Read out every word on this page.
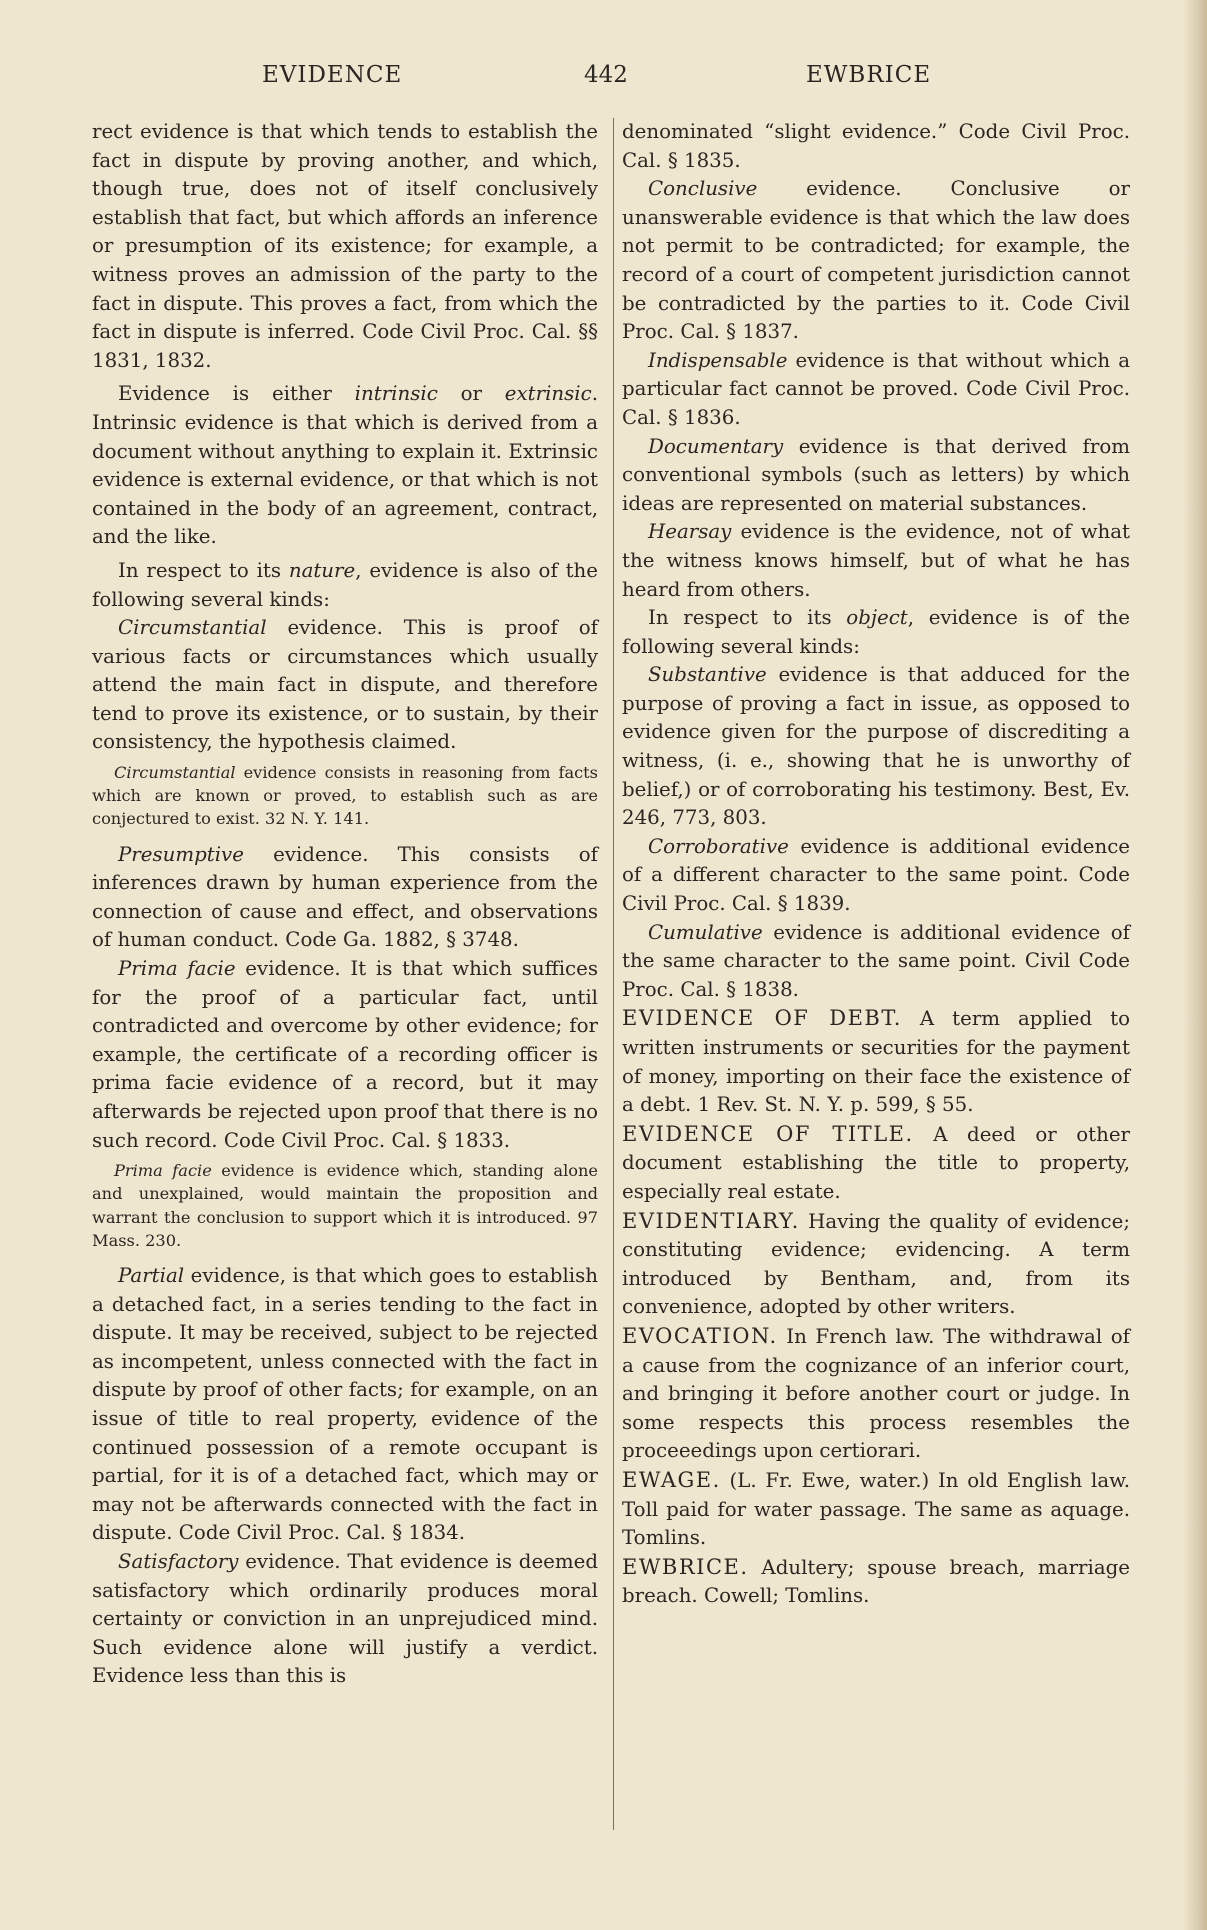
EVIDENCE	442	EWBRICE

rect evidence is that which tends to establish the fact in dispute by proving another, and which, though true, does not of itself conclusively establish that fact, but which affords an inference or presumption of its existence; for example, a witness proves an admission of the party to the fact in dispute. This proves a fact, from which the fact in dispute is inferred. Code Civil Proc. Cal. §§ 1831, 1832.

Evidence is either intrinsic or extrinsic. Intrinsic evidence is that which is derived from a document without anything to explain it. Extrinsic evidence is external evidence, or that which is not contained in the body of an agreement, contract, and the like.

In respect to its nature, evidence is also of the following several kinds:

Circumstantial evidence. This is proof of various facts or circumstances which usually attend the main fact in dispute, and therefore tend to prove its existence, or to sustain, by their consistency, the hypothesis claimed.

Circumstantial evidence consists in reasoning from facts which are known or proved, to establish such as are conjectured to exist. 32 N. Y. 141.

Presumptive evidence. This consists of inferences drawn by human experience from the connection of cause and effect, and observations of human conduct. Code Ga. 1882, § 3748.

Prima facie evidence. It is that which suffices for the proof of a particular fact, until contradicted and overcome by other evidence; for example, the certificate of a recording officer is prima facie evidence of a record, but it may afterwards be rejected upon proof that there is no such record. Code Civil Proc. Cal. § 1833.

Prima facie evidence is evidence which, standing alone and unexplained, would maintain the proposition and warrant the conclusion to support which it is introduced. 97 Mass. 230.

Partial evidence, is that which goes to establish a detached fact, in a series tending to the fact in dispute. It may be received, subject to be rejected as incompetent, unless connected with the fact in dispute by proof of other facts; for example, on an issue of title to real property, evidence of the continued possession of a remote occupant is partial, for it is of a detached fact, which may or may not be afterwards connected with the fact in dispute. Code Civil Proc. Cal. § 1834.

Satisfactory evidence. That evidence is deemed satisfactory which ordinarily produces moral certainty or conviction in an unprejudiced mind. Such evidence alone will justify a verdict. Evidence less than this is

denominated “slight evidence.” Code Civil Proc. Cal. § 1835.

Conclusive evidence. Conclusive or unanswerable evidence is that which the law does not permit to be contradicted; for example, the record of a court of competent jurisdiction cannot be contradicted by the parties to it. Code Civil Proc. Cal. § 1837.

Indispensable evidence is that without which a particular fact cannot be proved. Code Civil Proc. Cal. § 1836.

Documentary evidence is that derived from conventional symbols (such as letters) by which ideas are represented on material substances.

Hearsay evidence is the evidence, not of what the witness knows himself, but of what he has heard from others.

In respect to its object, evidence is of the following several kinds:

Substantive evidence is that adduced for the purpose of proving a fact in issue, as opposed to evidence given for the purpose of discrediting a witness, (i. e., showing that he is unworthy of belief,) or of corroborating his testimony. Best, Ev. 246, 773, 803.

Corroborative evidence is additional evidence of a different character to the same point. Code Civil Proc. Cal. § 1839.

Cumulative evidence is additional evidence of the same character to the same point. Civil Code Proc. Cal. § 1838.

EVIDENCE OF DEBT. A term applied to written instruments or securities for the payment of money, importing on their face the existence of a debt. 1 Rev. St. N. Y. p. 599, § 55.

EVIDENCE OF TITLE. A deed or other document establishing the title to property, especially real estate.

EVIDENTIARY. Having the quality of evidence; constituting evidence; evidencing. A term introduced by Bentham, and, from its convenience, adopted by other writers.

EVOCATION. In French law. The withdrawal of a cause from the cognizance of an inferior court, and bringing it before another court or judge. In some respects this process resembles the proceeedings upon certiorari.

EWAGE. (L. Fr. Ewe, water.) In old English law. Toll paid for water passage. The same as aquage. Tomlins.

EWBRICE. Adultery; spouse breach, marriage breach. Cowell; Tomlins.
